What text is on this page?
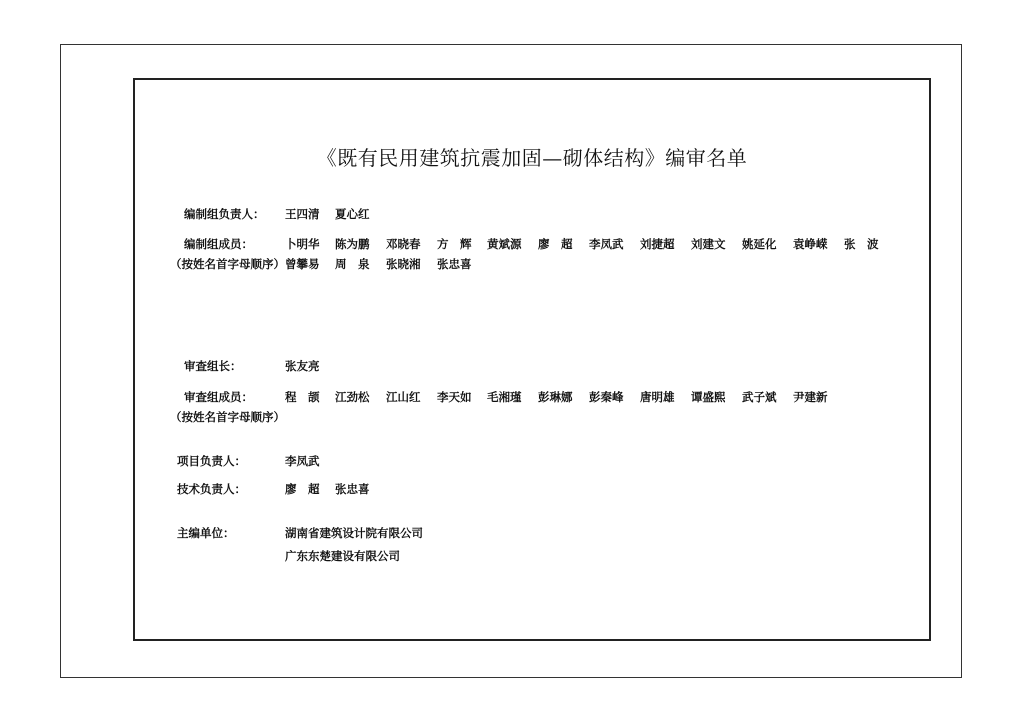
《既有民用建筑抗震加固—砌体结构》编审名单
编制组负责人： 王四清 夏心红
编制组成员：
（按姓名首字母顺序）
卜明华 陈为鹏 邓晓春 方　辉 黄斌源 廖　超 李凤武 刘捷超 刘建文 姚延化 袁峥嵘 张　波
曾攀易 周　泉 张晓湘 张忠喜
审查组长：	张友亮
审查组成员：
（按姓名首字母顺序）
程　颉 江劲松 江山红 李天如 毛湘瑾 彭琳娜 彭秦峰 唐明雄 谭盛熙 武子斌 尹建新
项目负责人：	李凤武
技术负责人：	廖　超 张忠喜
主编单位：	湖南省建筑设计院有限公司
广东东楚建设有限公司
